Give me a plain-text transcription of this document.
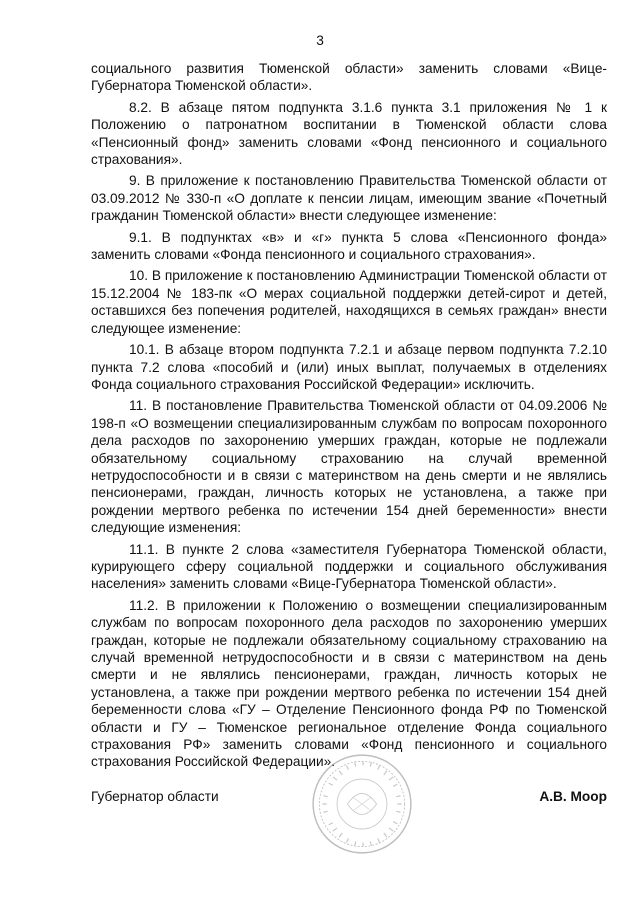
3

социального развития Тюменской области» заменить словами «Вице-Губернатора Тюменской области».

8.2. В абзаце пятом подпункта 3.1.6 пункта 3.1 приложения № 1 к Положению о патронатном воспитании в Тюменской области слова «Пенсионный фонд» заменить словами «Фонд пенсионного и социального страхования».

9. В приложение к постановлению Правительства Тюменской области от 03.09.2012 № 330-п «О доплате к пенсии лицам, имеющим звание «Почетный гражданин Тюменской области» внести следующее изменение:

9.1. В подпунктах «в» и «г» пункта 5 слова «Пенсионного фонда» заменить словами «Фонда пенсионного и социального страхования».

10. В приложение к постановлению Администрации Тюменской области от 15.12.2004 № 183-пк «О мерах социальной поддержки детей-сирот и детей, оставшихся без попечения родителей, находящихся в семьях граждан» внести следующее изменение:

10.1. В абзаце втором подпункта 7.2.1 и абзаце первом подпункта 7.2.10 пункта 7.2 слова «пособий и (или) иных выплат, получаемых в отделениях Фонда социального страхования Российской Федерации» исключить.

11. В постановление Правительства Тюменской области от 04.09.2006 № 198-п «О возмещении специализированным службам по вопросам похоронного дела расходов по захоронению умерших граждан, которые не подлежали обязательному социальному страхованию на случай временной нетрудоспособности и в связи с материнством на день смерти и не являлись пенсионерами, граждан, личность которых не установлена, а также при рождении мертвого ребенка по истечении 154 дней беременности» внести следующие изменения:

11.1. В пункте 2 слова «заместителя Губернатора Тюменской области, курирующего сферу социальной поддержки и социального обслуживания населения» заменить словами «Вице-Губернатора Тюменской области».

11.2. В приложении к Положению о возмещении специализированным службам по вопросам похоронного дела расходов по захоронению умерших граждан, которые не подлежали обязательному социальному страхованию на случай временной нетрудоспособности и в связи с материнством на день смерти и не являлись пенсионерами, граждан, личность которых не установлена, а также при рождении мертвого ребенка по истечении 154 дней беременности слова «ГУ – Отделение Пенсионного фонда РФ по Тюменской области и ГУ – Тюменское региональное отделение Фонда социального страхования РФ» заменить словами «Фонд пенсионного и социального страхования Российской Федерации».

Губернатор области	А.В. Моор
